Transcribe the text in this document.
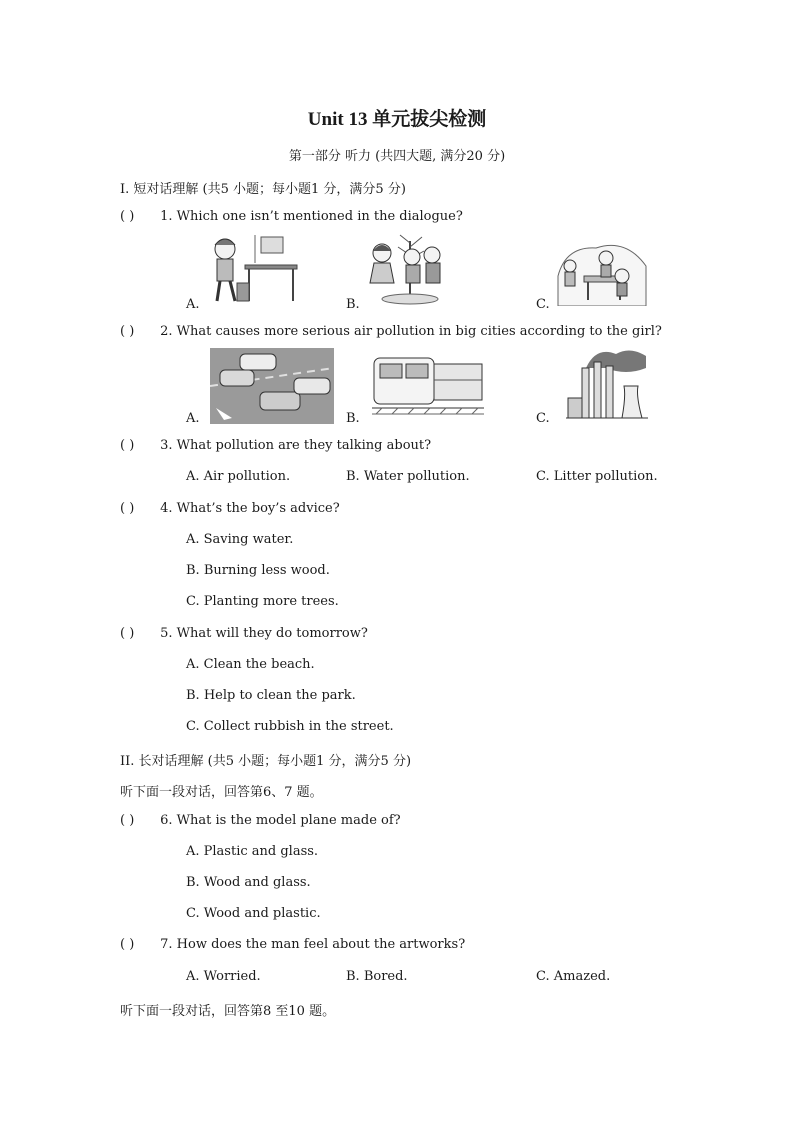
Unit 13 单元拔尖检测
第一部分 听力 (共四大题, 满分20 分)
I. 短对话理解 (共5 小题；每小题1 分，满分5 分)
( ) 1. Which one isn’t mentioned in the dialogue?
A.	B.	C.
( ) 2. What causes more serious air pollution in big cities according to the girl?
A.	B.	C.
( ) 3. What pollution are they talking about?
A. Air pollution.	B. Water pollution.	C. Litter pollution.
( ) 4. What’s the boy’s advice?
A. Saving water.
B. Burning less wood.
C. Planting more trees.
( ) 5. What will they do tomorrow?
A. Clean the beach.
B. Help to clean the park.
C. Collect rubbish in the street.
II. 长对话理解 (共5 小题；每小题1 分，满分5 分)
听下面一段对话，回答第6、7 题。
( ) 6. What is the model plane made of?
A. Plastic and glass.
B. Wood and glass.
C. Wood and plastic.
( ) 7. How does the man feel about the artworks?
A. Worried.	B. Bored.	C. Amazed.
听下面一段对话，回答第8 至10 题。
